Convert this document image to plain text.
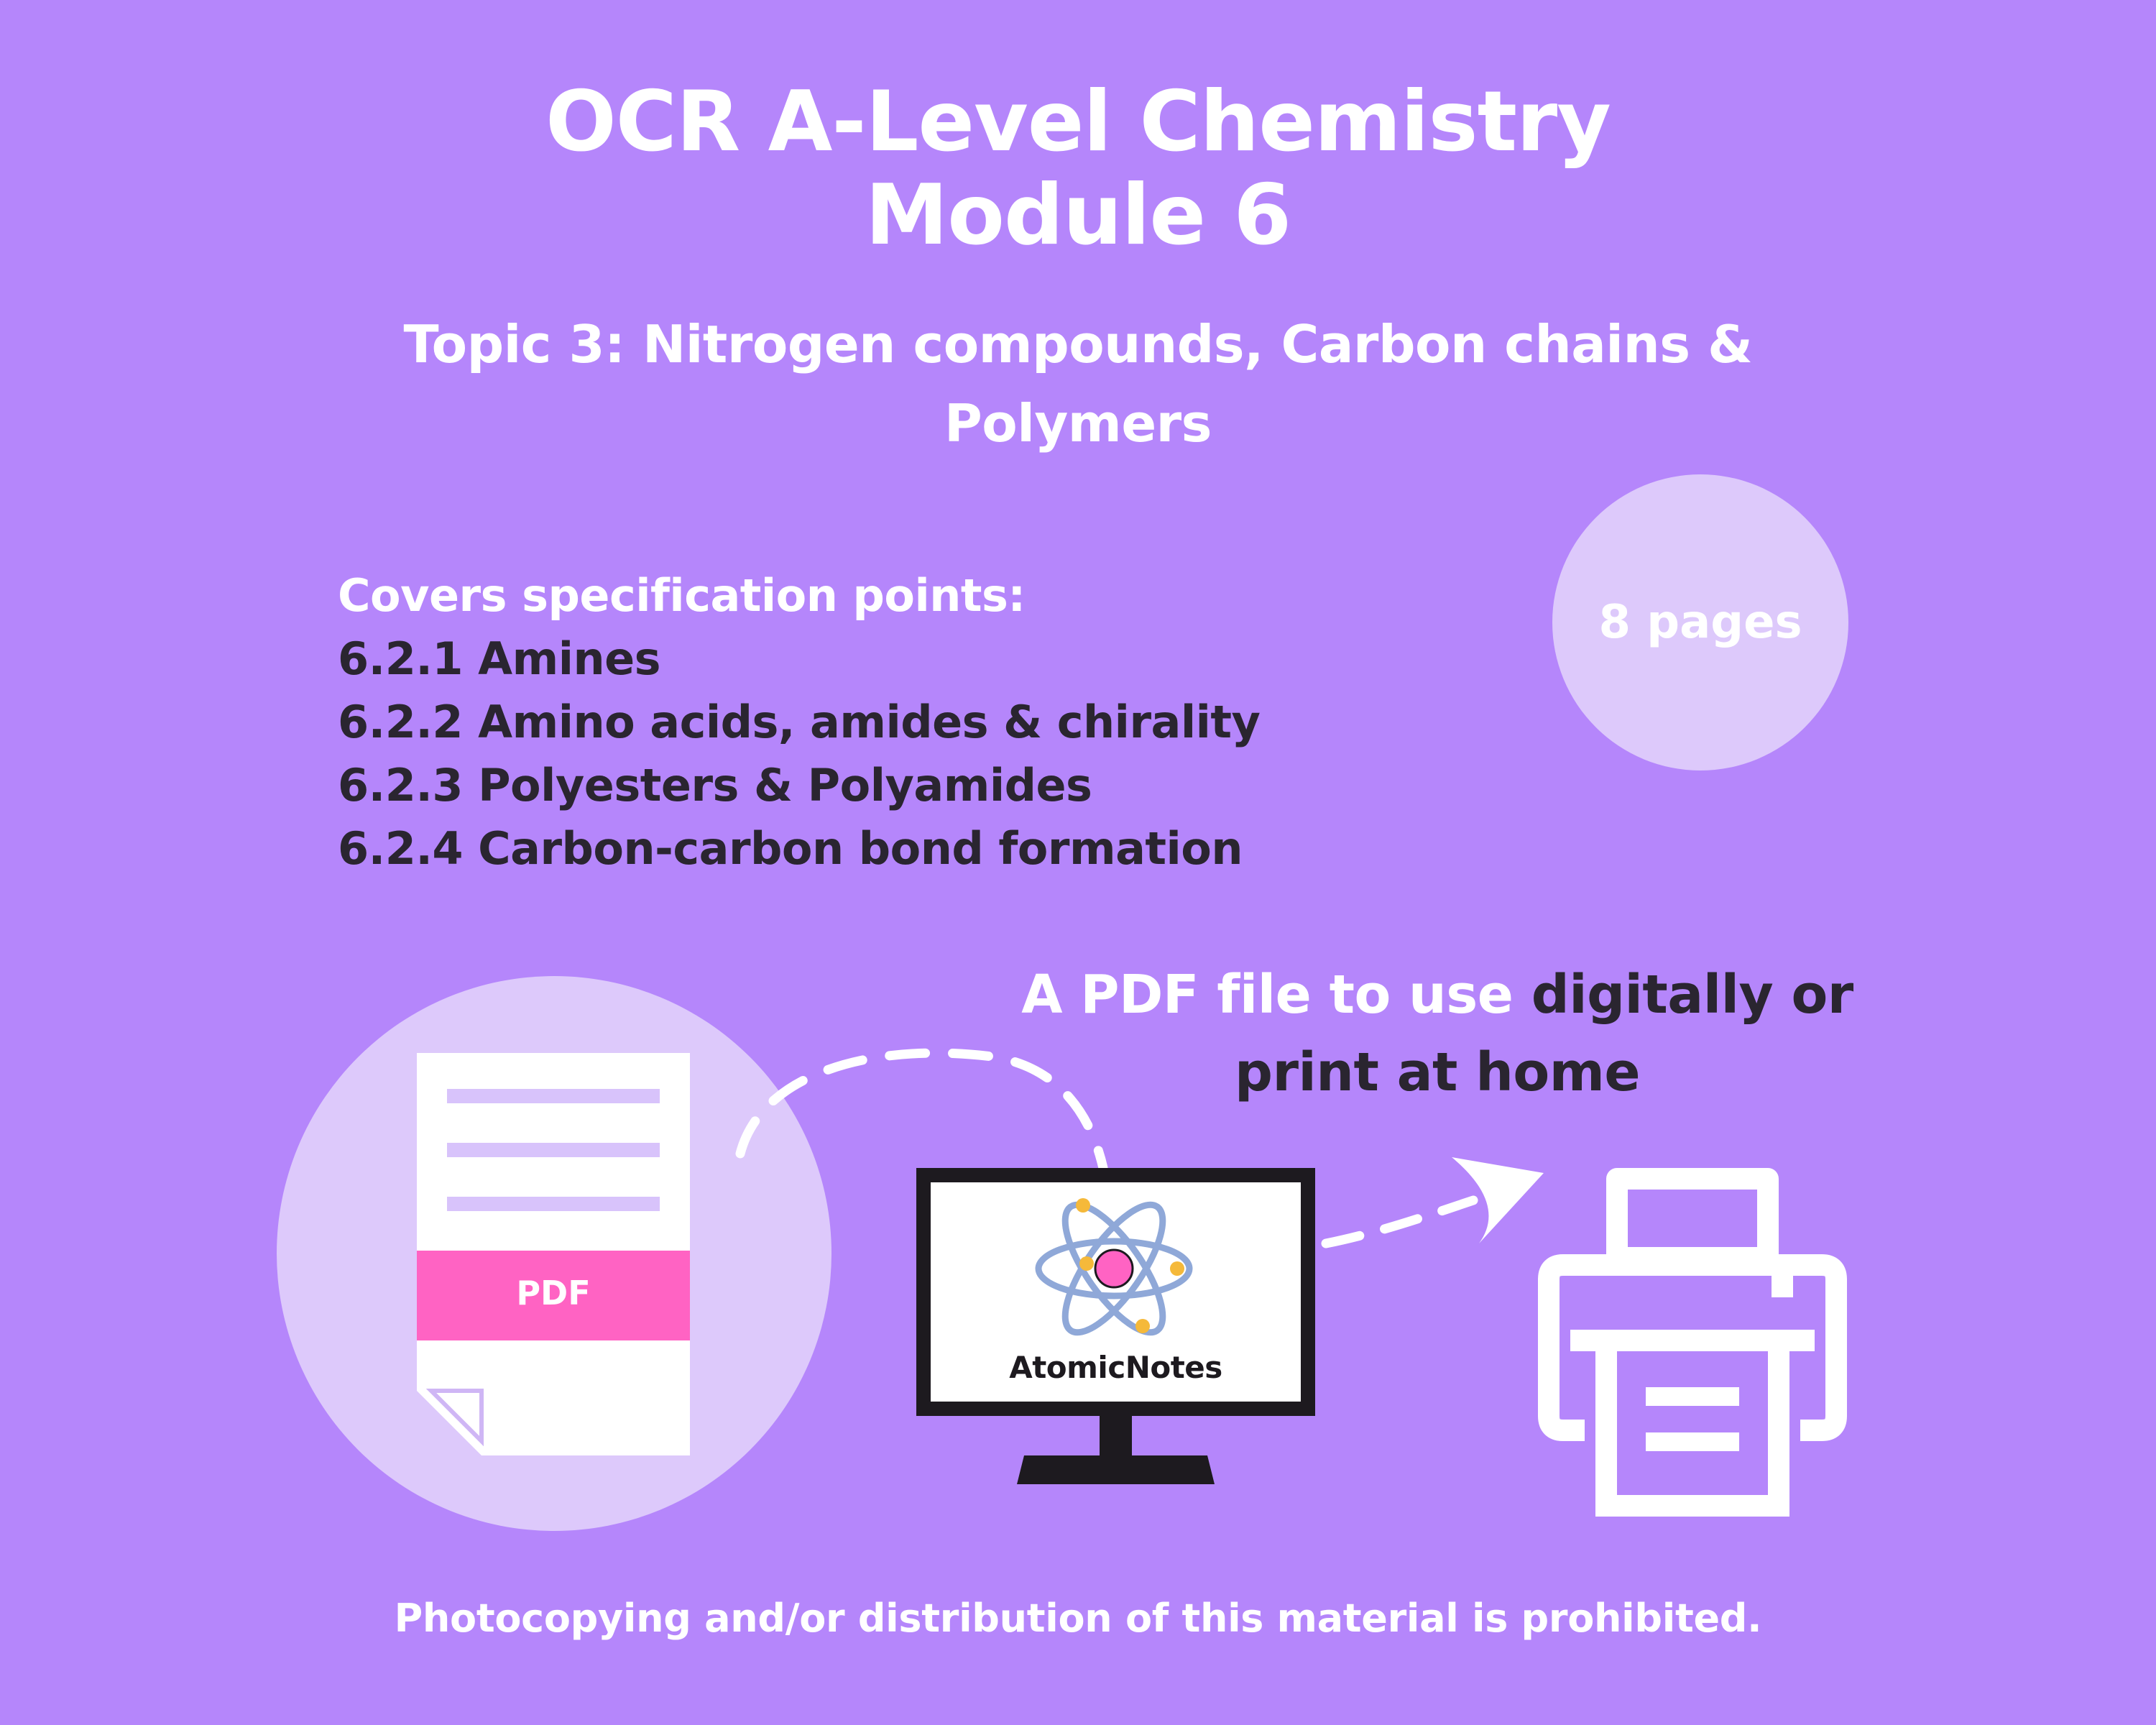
OCR A-Level Chemistry
Module 6
Topic 3: Nitrogen compounds, Carbon chains &
Polymers
Covers specification points:
6.2.1 Amines
6.2.2 Amino acids, amides & chirality
6.2.3 Polyesters & Polyamides
6.2.4 Carbon-carbon bond formation
8 pages
PDF
A PDF file to use digitally or
print at home
AtomicNotes
Photocopying and/or distribution of this material is prohibited.
